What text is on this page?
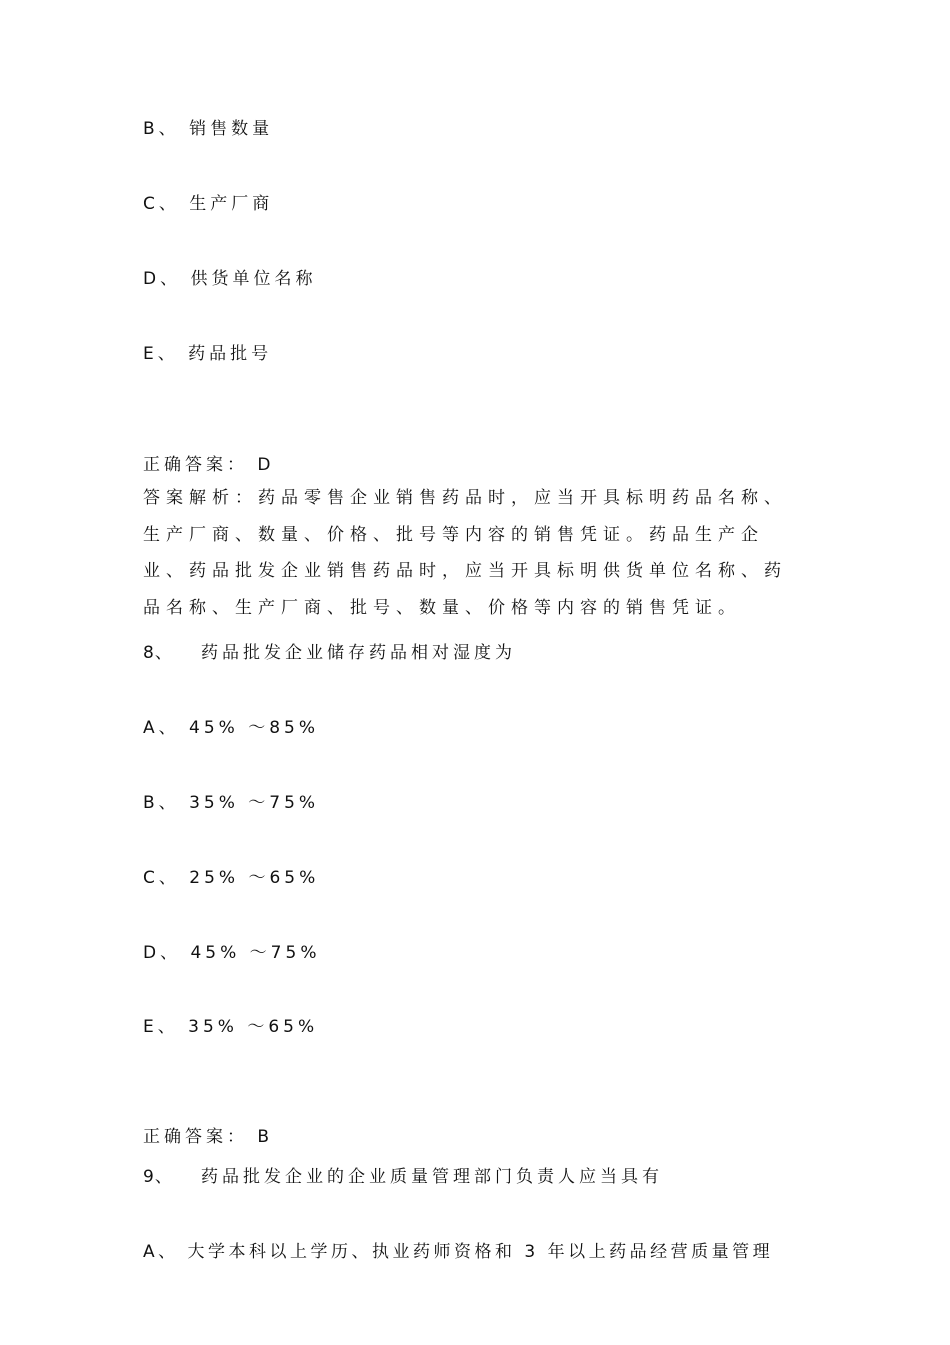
B、 销售数量
C、 生产厂商
D、 供货单位名称
E、 药品批号
正确答案： D
答案解析：药品零售企业销售药品时，应当开具标明药品名称、生产厂商、数量、价格、批号等内容的销售凭证。药品生产企业、药品批发企业销售药品时，应当开具标明供货单位名称、药品名称、生产厂商、批号、数量、价格等内容的销售凭证。
8、 药品批发企业储存药品相对湿度为
A、 45% ～85%
B、 35% ～75%
C、 25% ～65%
D、 45% ～75%
E、 35% ～65%
正确答案： B
9、 药品批发企业的企业质量管理部门负责人应当具有
A、 大学本科以上学历、执业药师资格和 3 年以上药品经营质量管理
